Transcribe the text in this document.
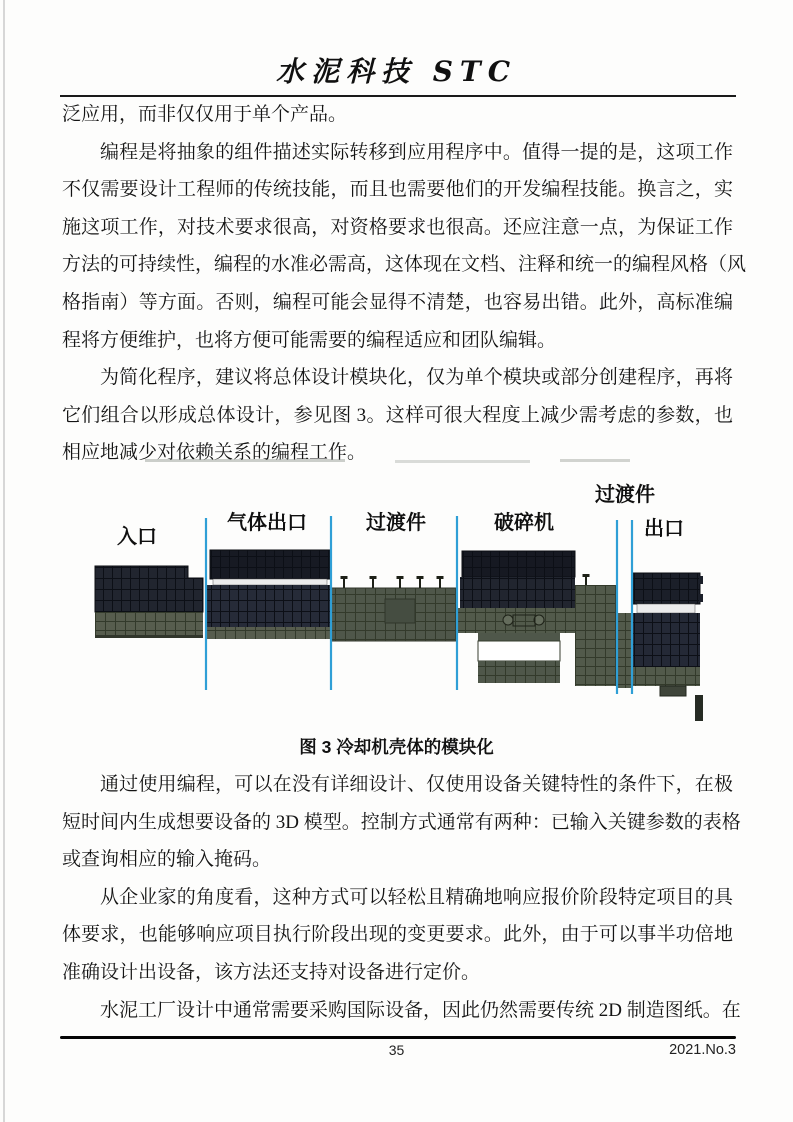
水泥科技 STC
泛应用，而非仅仅用于单个产品。
编程是将抽象的组件描述实际转移到应用程序中。值得一提的是，这项工作
不仅需要设计工程师的传统技能，而且也需要他们的开发编程技能。换言之，实
施这项工作，对技术要求很高，对资格要求也很高。还应注意一点，为保证工作
方法的可持续性，编程的水准必需高，这体现在文档、注释和统一的编程风格（风
格指南）等方面。否则，编程可能会显得不清楚，也容易出错。此外，高标准编
程将方便维护，也将方便可能需要的编程适应和团队编辑。
为简化程序，建议将总体设计模块化，仅为单个模块或部分创建程序，再将
它们组合以形成总体设计，参见图 3。这样可很大程度上减少需考虑的参数，也
相应地减少对依赖关系的编程工作。
入口
气体出口	过渡件	破碎机
过渡件
出口
图 3 冷却机壳体的模块化
通过使用编程，可以在没有详细设计、仅使用设备关键特性的条件下，在极
短时间内生成想要设备的 3D 模型。控制方式通常有两种：已输入关键参数的表格
或查询相应的输入掩码。
从企业家的角度看，这种方式可以轻松且精确地响应报价阶段特定项目的具
体要求，也能够响应项目执行阶段出现的变更要求。此外，由于可以事半功倍地
准确设计出设备，该方法还支持对设备进行定价。
水泥工厂设计中通常需要采购国际设备，因此仍然需要传统 2D 制造图纸。在
35	2021.No.3
